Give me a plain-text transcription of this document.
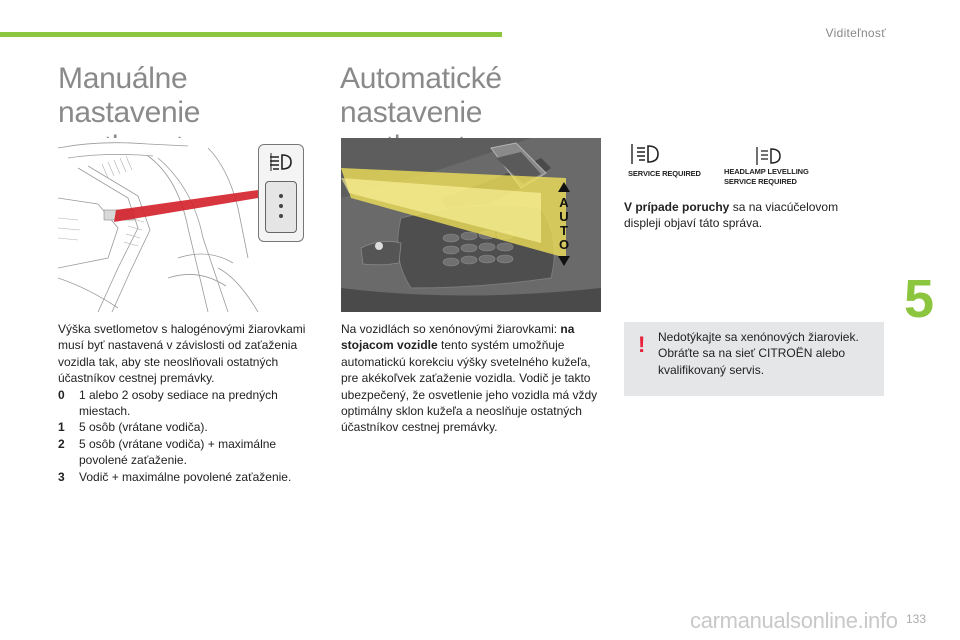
Viditeľnosť
5
133
Manuálne nastavenie
Automatické nastavenie
A
U
T
O
SERVICE REQUIRED	HEADLAMP LEVELLING
SERVICE REQUIRED

V prípade poruchy sa na viacúčelovom displeji objaví táto správa.

Výška svetlometov s halogénovými žiarovkami musí byť nastavená v závislosti od zaťaženia vozidla tak, aby ste neoslňovali ostatných účastníkov cestnej premávky.

0	1 alebo 2 osoby sediace na predných miestach.
1	5 osôb (vrátane vodiča).
2	5 osôb (vrátane vodiča) + maximálne povolené zaťaženie.
3	Vodič + maximálne povolené zaťaženie.

Na vozidlách so xenónovými žiarovkami: na stojacom vozidle tento systém umožňuje automatickú korekciu výšky svetelného kužeľa, pre akékoľvek zaťaženie vozidla. Vodič je takto ubezpečený, že osvetlenie jeho vozidla má vždy optimálny sklon kužeľa a neoslňuje ostatných účastníkov cestnej premávky.

! Nedotýkajte sa xenónových žiaroviek. Obráťte sa na sieť CITROËN alebo kvalifikovaný servis.
carmanualsonline.info
